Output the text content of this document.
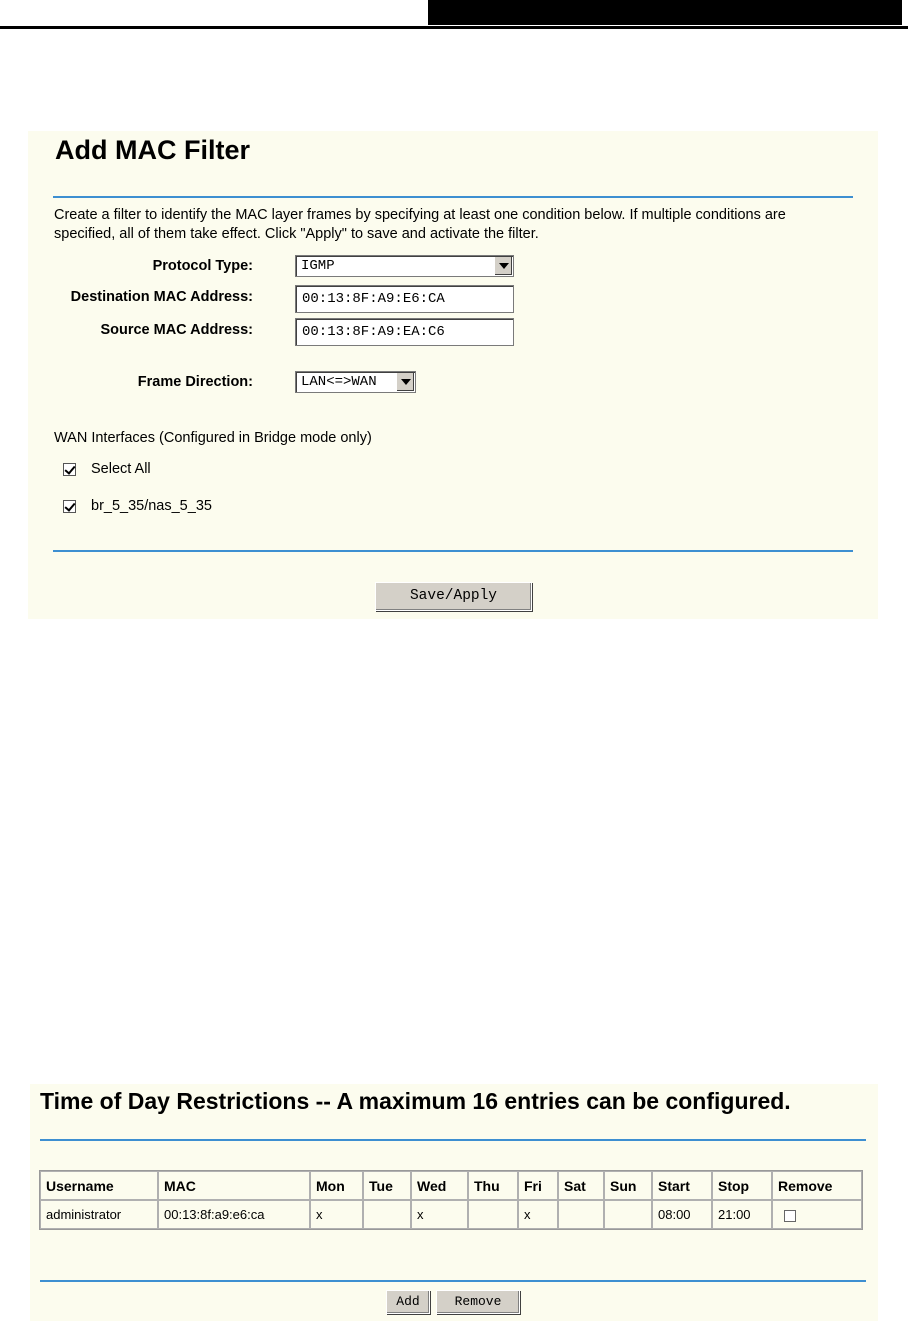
Add MAC Filter
Create a filter to identify the MAC layer frames by specifying at least one condition below. If multiple conditions are specified, all of them take effect. Click "Apply" to save and activate the filter.
Protocol Type:	IGMP
Destination MAC Address:	00:13:8F:A9:E6:CA
Source MAC Address:	00:13:8F:A9:EA:C6
Frame Direction:	LAN<=>WAN
WAN Interfaces (Configured in Bridge mode only)
Select All
br_5_35/nas_5_35
Save/Apply
Time of Day Restrictions -- A maximum 16 entries can be configured.
Username	MAC	Mon	Tue	Wed	Thu	Fri	Sat	Sun	Start	Stop	Remove
administrator	00:13:8f:a9:e6:ca	x		x		x			08:00	21:00	
Add	Remove
